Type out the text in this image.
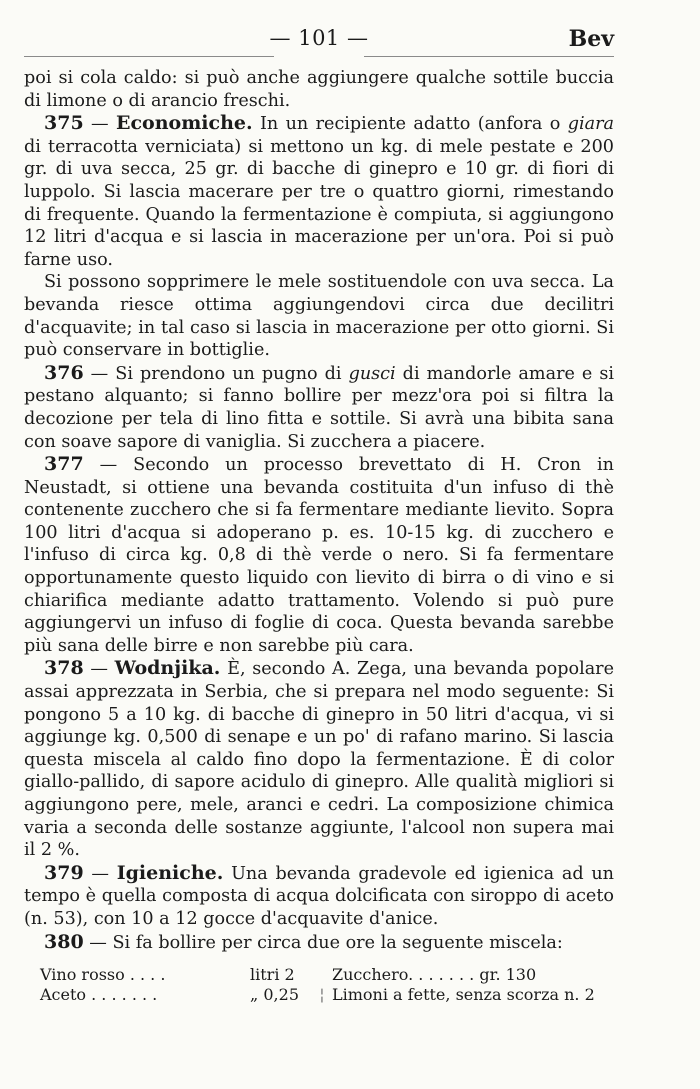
— 101 —	Bev

poi si cola caldo: si può anche aggiungere qualche sottile buccia di limone o di arancio freschi.

375 — Economiche. In un recipiente adatto (anfora o giara di terracotta verniciata) si mettono un kg. di mele pestate e 200 gr. di uva secca, 25 gr. di bacche di ginepro e 10 gr. di fiori di luppolo. Si lascia macerare per tre o quattro giorni, rimestando di frequente. Quando la fermentazione è compiuta, si aggiungono 12 litri d'acqua e si lascia in macerazione per un'ora. Poi si può farne uso.

Si possono sopprimere le mele sostituendole con uva secca. La bevanda riesce ottima aggiungendovi circa due decilitri d'acquavite; in tal caso si lascia in macerazione per otto giorni. Si può conservare in bottiglie.

376 — Si prendono un pugno di gusci di mandorle amare e si pestano alquanto; si fanno bollire per mezz'ora poi si filtra la decozione per tela di lino fitta e sottile. Si avrà una bibita sana con soave sapore di vaniglia. Si zucchera a piacere.

377 — Secondo un processo brevettato di H. Cron in Neustadt, si ottiene una bevanda costituita d'un infuso di thè contenente zucchero che si fa fermentare mediante lievito. Sopra 100 litri d'acqua si adoperano p. es. 10-15 kg. di zucchero e l'infuso di circa kg. 0,8 di thè verde o nero. Si fa fermentare opportunamente questo liquido con lievito di birra o di vino e si chiarifica mediante adatto trattamento. Volendo si può pure aggiungervi un infuso di foglie di coca. Questa bevanda sarebbe più sana delle birre e non sarebbe più cara.

378 — Wodnjika. È, secondo A. Zega, una bevanda popolare assai apprezzata in Serbia, che si prepara nel modo seguente: Si pongono 5 a 10 kg. di bacche di ginepro in 50 litri d'acqua, vi si aggiunge kg. 0,500 di senape e un po' di rafano marino. Si lascia questa miscela al caldo fino dopo la fermentazione. È di color giallo-pallido, di sapore acidulo di ginepro. Alle qualità migliori si aggiungono pere, mele, aranci e cedri. La composizione chimica varia a seconda delle sostanze aggiunte, l'alcool non supera mai il 2 %.

379 — Igieniche. Una bevanda gradevole ed igienica ad un tempo è quella composta di acqua dolcificata con siroppo di aceto (n. 53), con 10 a 12 gocce d'acquavite d'anice.

380 — Si fa bollire per circa due ore la seguente miscela:

Vino rosso . . . .	litri 2		Zucchero. . . . . . . gr. 130
Aceto . . . . . . .	„ 0,25	¦	Limoni a fette, senza scorza n. 2
